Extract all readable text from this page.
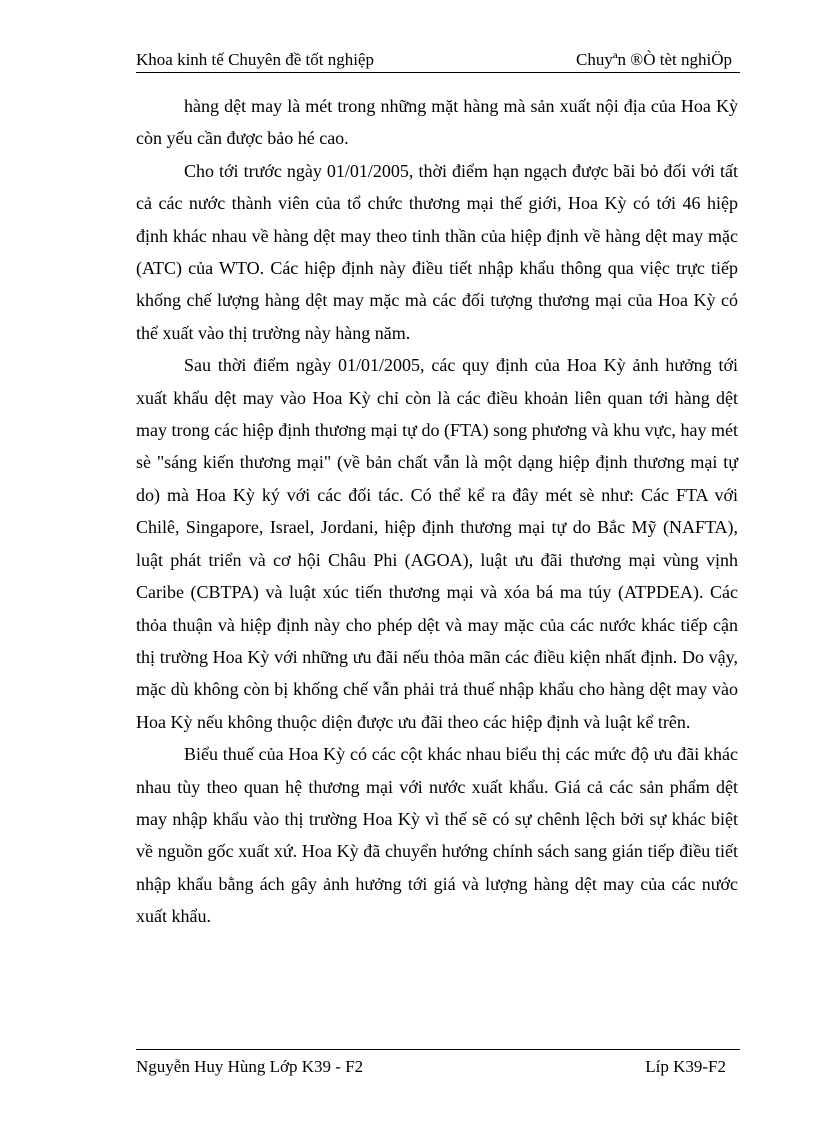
Khoa kinh tế Chuyên đề tốt nghiệp	Chuyªn ®Ò tèt nghiÖp

hàng dệt may là mét trong những mặt hàng mà sản xuất nội địa của Hoa Kỳ còn yếu cần được bảo hé cao.

Cho tới trước ngày 01/01/2005, thời điểm hạn ngạch được bãi bỏ đối với tất cả các nước thành viên của tổ chức thương mại thế giới, Hoa Kỳ có tới 46 hiệp định khác nhau về hàng dệt may theo tinh thần của hiệp định về hàng dệt may mặc (ATC) của WTO. Các hiệp định này điều tiết nhập khẩu thông qua việc trực tiếp khống chế lượng hàng dệt may mặc mà các đối tượng thương mại của Hoa Kỳ có thể xuất vào thị trường này hàng năm.

Sau thời điểm ngày 01/01/2005, các quy định của Hoa Kỳ ảnh hưởng tới xuất khẩu dệt may vào Hoa Kỳ chỉ còn là các điều khoản liên quan tới hàng dệt may trong các hiệp định thương mại tự do (FTA) song phương và khu vực, hay mét sè "sáng kiến thương mại" (về bản chất vẫn là một dạng hiệp định thương mại tự do) mà Hoa Kỳ ký với các đối tác. Có thể kể ra đây mét sè như: Các FTA với Chilê, Singapore, Israel, Jordani, hiệp định thương mại tự do Bắc Mỹ (NAFTA), luật phát triển và cơ hội Châu Phi (AGOA), luật ưu đãi thương mại vùng vịnh Caribe (CBTPA) và luật xúc tiến thương mại và xóa bá ma túy (ATPDEA). Các thỏa thuận và hiệp định này cho phép dệt và may mặc của các nước khác tiếp cận thị trường Hoa Kỳ với những ưu đãi nếu thỏa mãn các điều kiện nhất định. Do vậy, mặc dù không còn bị khống chế vẫn phải trả thuế nhập khẩu cho hàng dệt may vào Hoa Kỳ nếu không thuộc diện được ưu đãi theo các hiệp định và luật kể trên.

Biểu thuế của Hoa Kỳ có các cột khác nhau biểu thị các mức độ ưu đãi khác nhau tùy theo quan hệ thương mại với nước xuất khẩu. Giá cả các sản phẩm dệt may nhập khẩu vào thị trường Hoa Kỳ vì thế sẽ có sự chênh lệch bởi sự khác biệt về nguồn gốc xuất xứ. Hoa Kỳ đã chuyển hướng chính sách sang gián tiếp điều tiết nhập khẩu bằng ách gây ảnh hưởng tới giá và lượng hàng dệt may của các nước xuất khẩu.

Nguyễn Huy Hùng Lớp K39 - F2	Líp K39-F2
